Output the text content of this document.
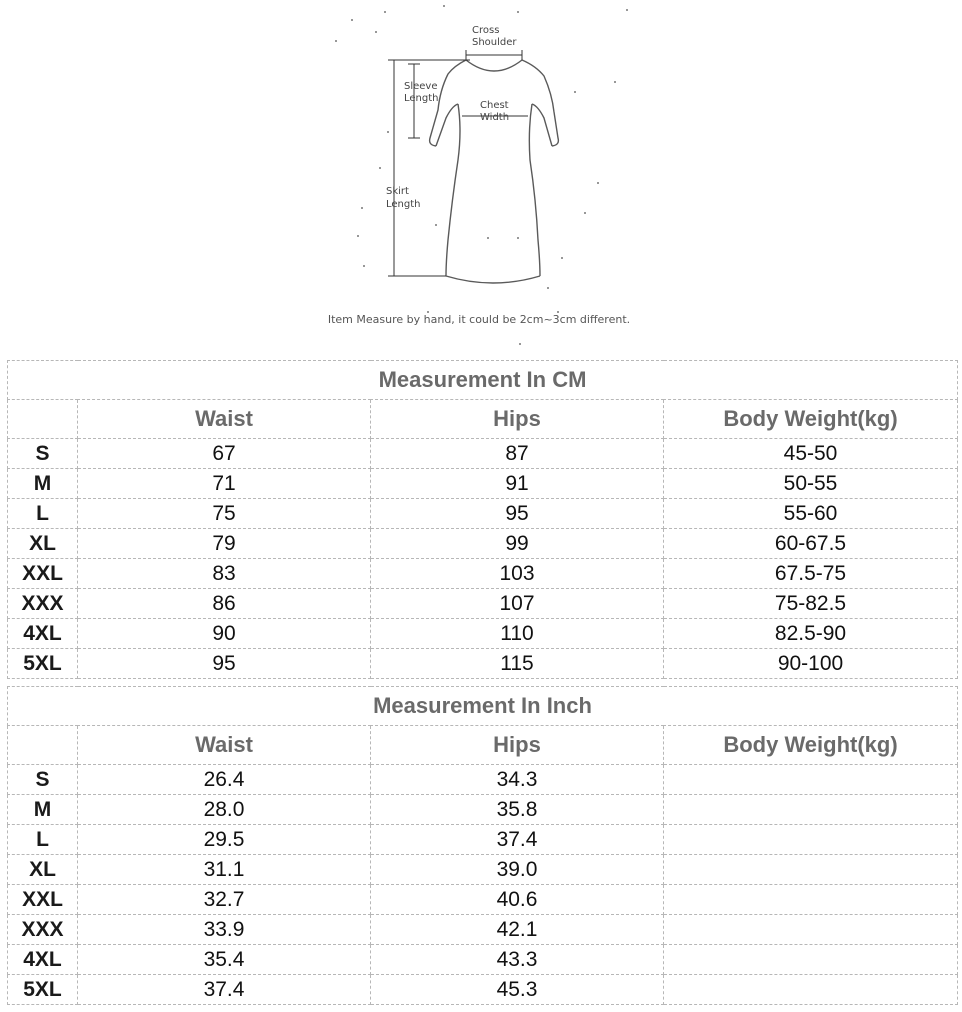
Cross
Shoulder
Sleeve
Length
Chest
Width
Skirt
Length
Item Measure by hand, it could be 2cm~3cm different.
Measurement In CM			
	Waist	Hips	Body Weight(kg)
S	67	87	45-50
M	71	91	50-55
L	75	95	55-60
XL	79	99	60-67.5
XXL	83	103	67.5-75
XXX	86	107	75-82.5
4XL	90	110	82.5-90
5XL	95	115	90-100
Measurement In Inch			
	Waist	Hips	Body Weight(kg)
S	26.4	34.3	
M	28.0	35.8	
L	29.5	37.4	
XL	31.1	39.0	
XXL	32.7	40.6	
XXX	33.9	42.1	
4XL	35.4	43.3	
5XL	37.4	45.3	
